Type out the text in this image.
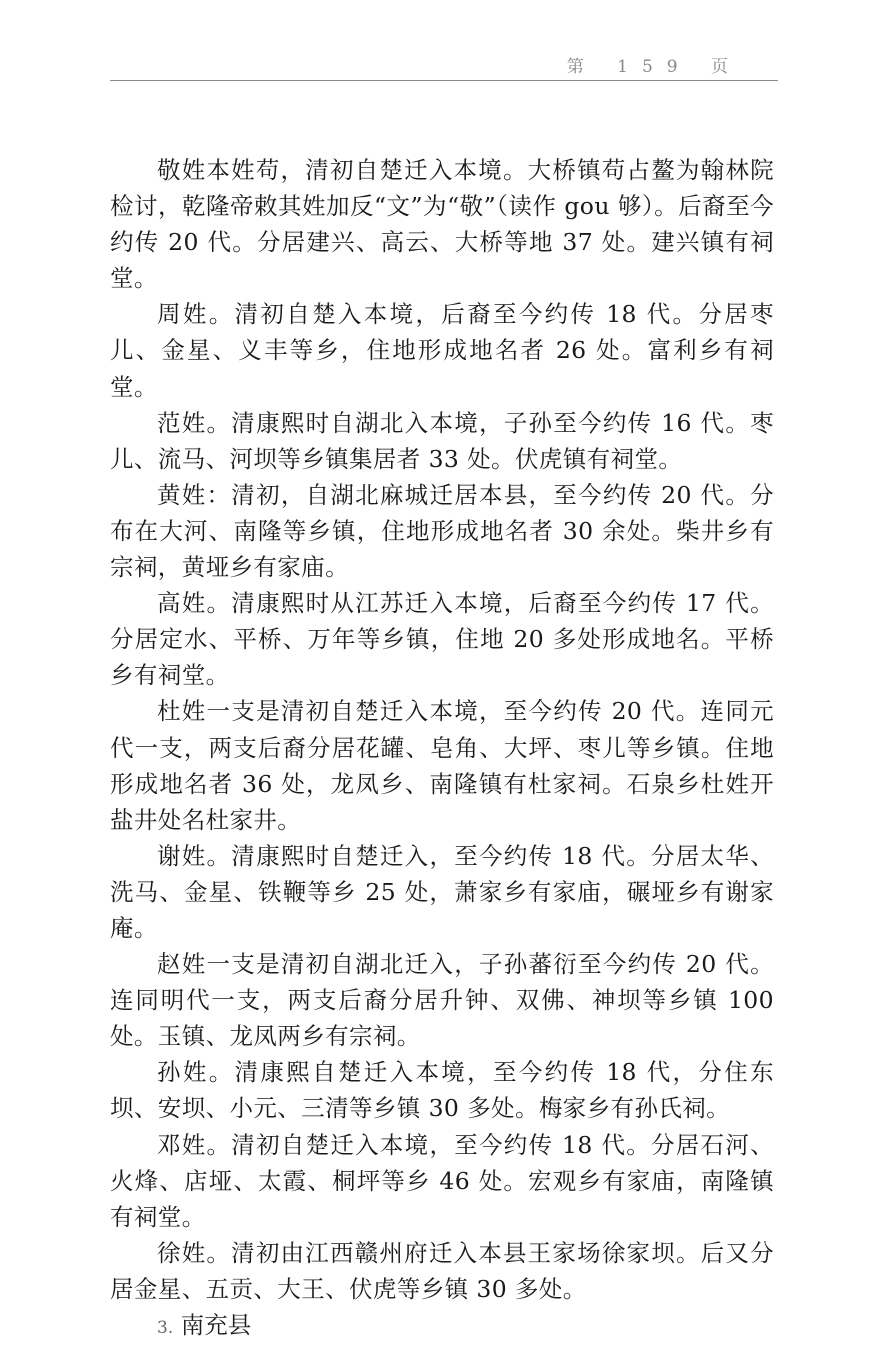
第 159 页

敬姓本姓苟，清初自楚迁入本境。大桥镇苟占鳌为翰林院检讨，乾隆帝敕其姓加反“文”为“敬”（读作 gou 够）。后裔至今约传 20 代。分居建兴、高云、大桥等地 37 处。建兴镇有祠堂。

周姓。清初自楚入本境，后裔至今约传 18 代。分居枣儿、金星、义丰等乡，住地形成地名者 26 处。富利乡有祠堂。

范姓。清康熙时自湖北入本境，子孙至今约传 16 代。枣儿、流马、河坝等乡镇集居者 33 处。伏虎镇有祠堂。

黄姓：清初，自湖北麻城迁居本县，至今约传 20 代。分布在大河、南隆等乡镇，住地形成地名者 30 余处。柴井乡有宗祠，黄垭乡有家庙。

高姓。清康熙时从江苏迁入本境，后裔至今约传 17 代。分居定水、平桥、万年等乡镇，住地 20 多处形成地名。平桥乡有祠堂。

杜姓一支是清初自楚迁入本境，至今约传 20 代。连同元代一支，两支后裔分居花罐、皂角、大坪、枣儿等乡镇。住地形成地名者 36 处，龙凤乡、南隆镇有杜家祠。石泉乡杜姓开盐井处名杜家井。

谢姓。清康熙时自楚迁入，至今约传 18 代。分居太华、洗马、金星、铁鞭等乡 25 处，萧家乡有家庙，碾垭乡有谢家庵。

赵姓一支是清初自湖北迁入，子孙蕃衍至今约传 20 代。连同明代一支，两支后裔分居升钟、双佛、神坝等乡镇 100 处。玉镇、龙凤两乡有宗祠。

孙姓。清康熙自楚迁入本境，至今约传 18 代，分住东坝、安坝、小元、三清等乡镇 30 多处。梅家乡有孙氏祠。

邓姓。清初自楚迁入本境，至今约传 18 代。分居石河、火烽、店垭、太霞、桐坪等乡 46 处。宏观乡有家庙，南隆镇有祠堂。

徐姓。清初由江西赣州府迁入本县王家场徐家坝。后又分居金星、五贡、大王、伏虎等乡镇 30 多处。

3. 南充县
